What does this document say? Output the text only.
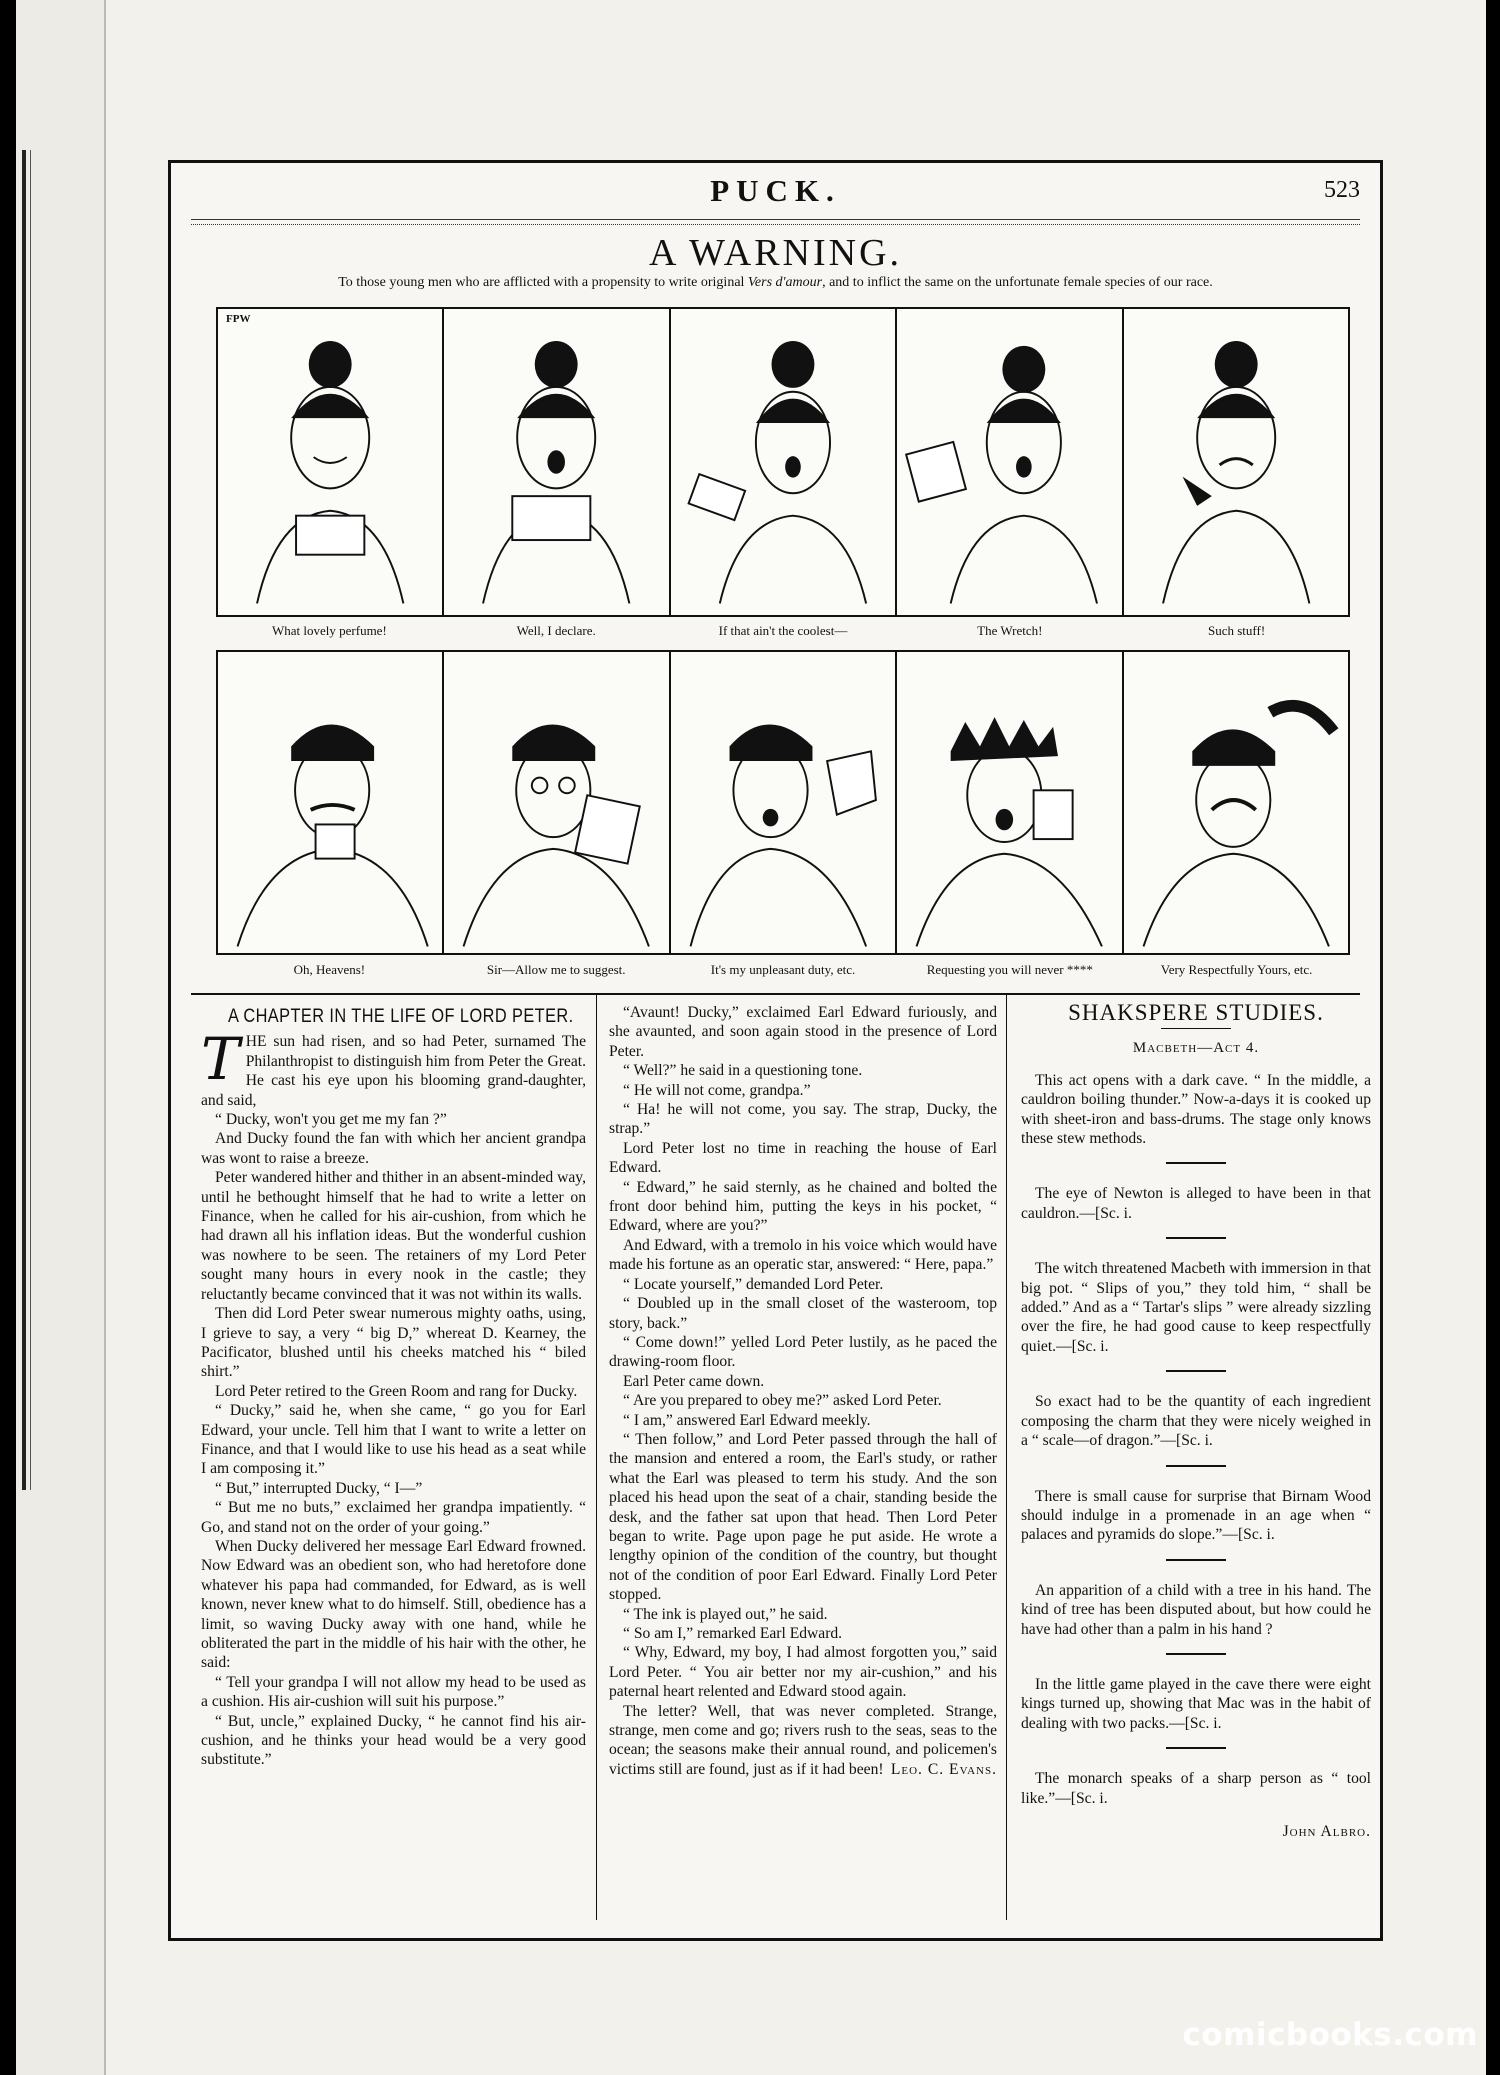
PUCK.	523
A WARNING.
To those young men who are afflicted with a propensity to write original Vers d'amour, and to inflict the same on the unfortunate female species of our race.
FPW
What lovely perfume!	Well, I declare.	If that ain't the coolest—	The Wretch!	Such stuff!
Oh, Heavens!	Sir—Allow me to suggest.	It's my unpleasant duty, etc.	Requesting you will never ****	Very Respectfully Yours, etc.
A CHAPTER IN THE LIFE OF LORD PETER.

THE sun had risen, and so had Peter, surnamed The Philanthropist to distinguish him from Peter the Great. He cast his eye upon his blooming grand-daughter, and said,

“ Ducky, won't you get me my fan ?”

And Ducky found the fan with which her ancient grandpa was wont to raise a breeze.

Peter wandered hither and thither in an absent-minded way, until he bethought himself that he had to write a letter on Finance, when he called for his air-cushion, from which he had drawn all his inflation ideas. But the wonderful cushion was nowhere to be seen. The retainers of my Lord Peter sought many hours in every nook in the castle; they reluctantly became convinced that it was not within its walls.

Then did Lord Peter swear numerous mighty oaths, using, I grieve to say, a very “ big D,” whereat D. Kearney, the Pacificator, blushed until his cheeks matched his “ biled shirt.”

Lord Peter retired to the Green Room and rang for Ducky.

“ Ducky,” said he, when she came, “ go you for Earl Edward, your uncle. Tell him that I want to write a letter on Finance, and that I would like to use his head as a seat while I am composing it.”

“ But,” interrupted Ducky, “ I—”

“ But me no buts,” exclaimed her grandpa impatiently. “ Go, and stand not on the order of your going.”

When Ducky delivered her message Earl Edward frowned. Now Edward was an obedient son, who had heretofore done whatever his papa had commanded, for Edward, as is well known, never knew what to do himself. Still, obedience has a limit, so waving Ducky away with one hand, while he obliterated the part in the middle of his hair with the other, he said:

“ Tell your grandpa I will not allow my head to be used as a cushion. His air-cushion will suit his purpose.”

“ But, uncle,” explained Ducky, “ he cannot find his air-cushion, and he thinks your head would be a very good substitute.”

“Avaunt! Ducky,” exclaimed Earl Edward furiously, and she avaunted, and soon again stood in the presence of Lord Peter.

“ Well?” he said in a questioning tone.

“ He will not come, grandpa.”

“ Ha! he will not come, you say. The strap, Ducky, the strap.”

Lord Peter lost no time in reaching the house of Earl Edward.

“ Edward,” he said sternly, as he chained and bolted the front door behind him, putting the keys in his pocket, “ Edward, where are you?”

And Edward, with a tremolo in his voice which would have made his fortune as an operatic star, answered: “ Here, papa.”

“ Locate yourself,” demanded Lord Peter.

“ Doubled up in the small closet of the wasteroom, top story, back.”

“ Come down!” yelled Lord Peter lustily, as he paced the drawing-room floor.

Earl Peter came down.

“ Are you prepared to obey me?” asked Lord Peter.

“ I am,” answered Earl Edward meekly.

“ Then follow,” and Lord Peter passed through the hall of the mansion and entered a room, the Earl's study, or rather what the Earl was pleased to term his study. And the son placed his head upon the seat of a chair, standing beside the desk, and the father sat upon that head. Then Lord Peter began to write. Page upon page he put aside. He wrote a lengthy opinion of the condition of the country, but thought not of the condition of poor Earl Edward. Finally Lord Peter stopped.

“ The ink is played out,” he said.

“ So am I,” remarked Earl Edward.

“ Why, Edward, my boy, I had almost forgotten you,” said Lord Peter. “ You air better nor my air-cushion,” and his paternal heart relented and Edward stood again.

The letter? Well, that was never completed. Strange, strange, men come and go; rivers rush to the seas, seas to the ocean; the seasons make their annual round, and policemen's victims still are found, just as if it had been! Leo. C. Evans.
SHAKSPERE STUDIES.
Macbeth—Act 4.

This act opens with a dark cave. “ In the middle, a cauldron boiling thunder.” Now-a-days it is cooked up with sheet-iron and bass-drums. The stage only knows these stew methods.

The eye of Newton is alleged to have been in that cauldron.—[Sc. i.

The witch threatened Macbeth with immersion in that big pot. “ Slips of you,” they told him, “ shall be added.” And as a “ Tartar's slips ” were already sizzling over the fire, he had good cause to keep respectfully quiet.—[Sc. i.

So exact had to be the quantity of each ingredient composing the charm that they were nicely weighed in a “ scale—of dragon.”—[Sc. i.

There is small cause for surprise that Birnam Wood should indulge in a promenade in an age when “ palaces and pyramids do slope.”—[Sc. i.

An apparition of a child with a tree in his hand. The kind of tree has been disputed about, but how could he have had other than a palm in his hand ?

In the little game played in the cave there were eight kings turned up, showing that Mac was in the habit of dealing with two packs.—[Sc. i.

The monarch speaks of a sharp person as “ tool like.”—[Sc. i.

John Albro.
comicbooks.com
